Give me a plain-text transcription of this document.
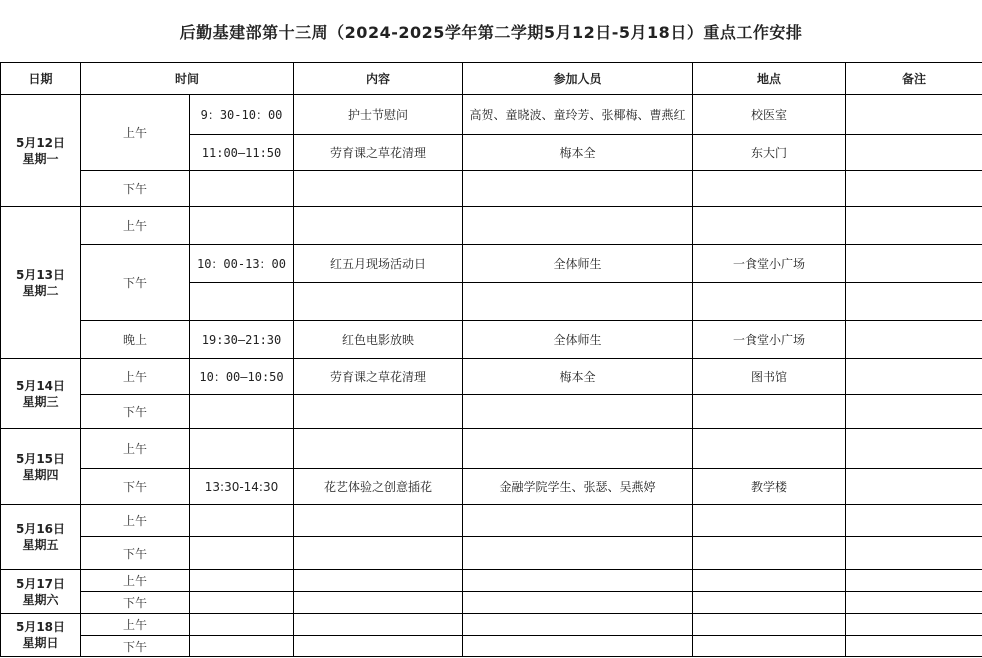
后勤基建部第十三周（2024-2025学年第二学期5月12日-5月18日）重点工作安排
日期	时间		内容	参加人员	地点	备注

5月12日
星期一	上午	9：30-10：00	护士节慰问	高贺、童晓波、童玲芳、张椰梅、曹燕红	校医室	
		11:00—11:50	劳育课之草花清理	梅本全	东大门	
	下午					

5月13日
星期二	上午					
	下午	10：00-13：00	红五月现场活动日	全体师生	一食堂小广场	

	晚上	19:30—21:30	红色电影放映	全体师生	一食堂小广场	

5月14日
星期三	上午	10：00—10:50	劳育课之草花清理	梅本全	图书馆	
	下午					

5月15日
星期四	上午					
	下午	13:30-14:30	花艺体验之创意插花	金融学院学生、张瑟、吴燕婷	教学楼	

5月16日
星期五	上午					
	下午					

5月17日
星期六	上午					
	下午					

5月18日
星期日	上午					
	下午					
